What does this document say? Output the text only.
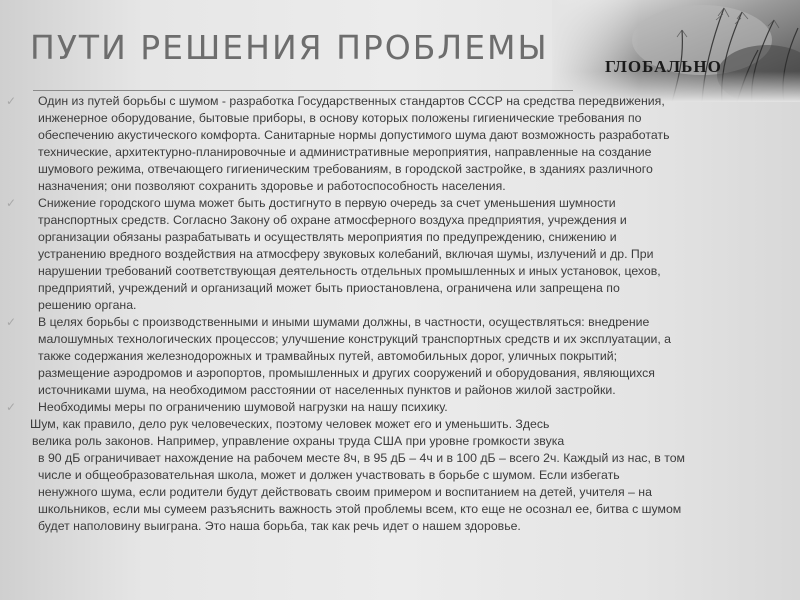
ГЛОБАЛЬНО
ПУТИ РЕШЕНИЯ ПРОБЛЕМЫ
✓	Один из путей борьбы с шумом - разработка Государственных стандартов СССР на средства передвижения,
инженерное оборудование, бытовые приборы, в основу которых положены гигиенические требования по
обеспечению акустического комфорта. Санитарные нормы допустимого шума дают возможность разработать
технические, архитектурно-планировочные и административные мероприятия, направленные на создание
шумового режима, отвечающего гигиеническим требованиям, в городской застройке, в зданиях различного
назначения; они позволяют сохранить здоровье и работоспособность населения.
✓	Снижение городского шума может быть достигнуто в первую очередь за счет уменьшения шумности
транспортных средств. Согласно Закону об охране атмосферного воздуха предприятия, учреждения и
организации обязаны разрабатывать и осуществлять мероприятия по предупреждению, снижению и
устранению вредного воздействия на атмосферу звуковых колебаний, включая шумы, излучений и др. При
нарушении требований соответствующая деятельность отдельных промышленных и иных установок, цехов,
предприятий, учреждений и организаций может быть приостановлена, ограничена или запрещена по
решению органа.
✓	В целях борьбы с производственными и иными шумами должны, в частности, осуществляться: внедрение
малошумных технологических процессов; улучшение конструкций транспортных средств и их эксплуатации, а
также содержания железнодорожных и трамвайных путей, автомобильных дорог, уличных покрытий;
размещение аэродромов и аэропортов, промышленных и других сооружений и оборудования, являющихся
источниками шума, на необходимом расстоянии от населенных пунктов и районов жилой застройки.
✓	Необходимы меры по ограничению шумовой нагрузки на нашу психику.
Шум, как правило, дело рук человеческих, поэтому человек может его и уменьшить. Здесь
велика роль законов. Например, управление охраны труда США при уровне громкости звука
в 90 дБ ограничивает нахождение на рабочем месте 8ч, в 95 дБ – 4ч и в 100 дБ – всего 2ч. Каждый из нас, в том
числе и общеобразовательная школа, может и должен участвовать в борьбе с шумом. Если избегать
ненужного шума, если родители будут действовать своим примером и воспитанием на детей, учителя – на
школьников, если мы сумеем разъяснить важность этой проблемы всем, кто еще не осознал ее, битва с шумом
будет наполовину выиграна. Это наша борьба, так как речь идет о нашем здоровье.
